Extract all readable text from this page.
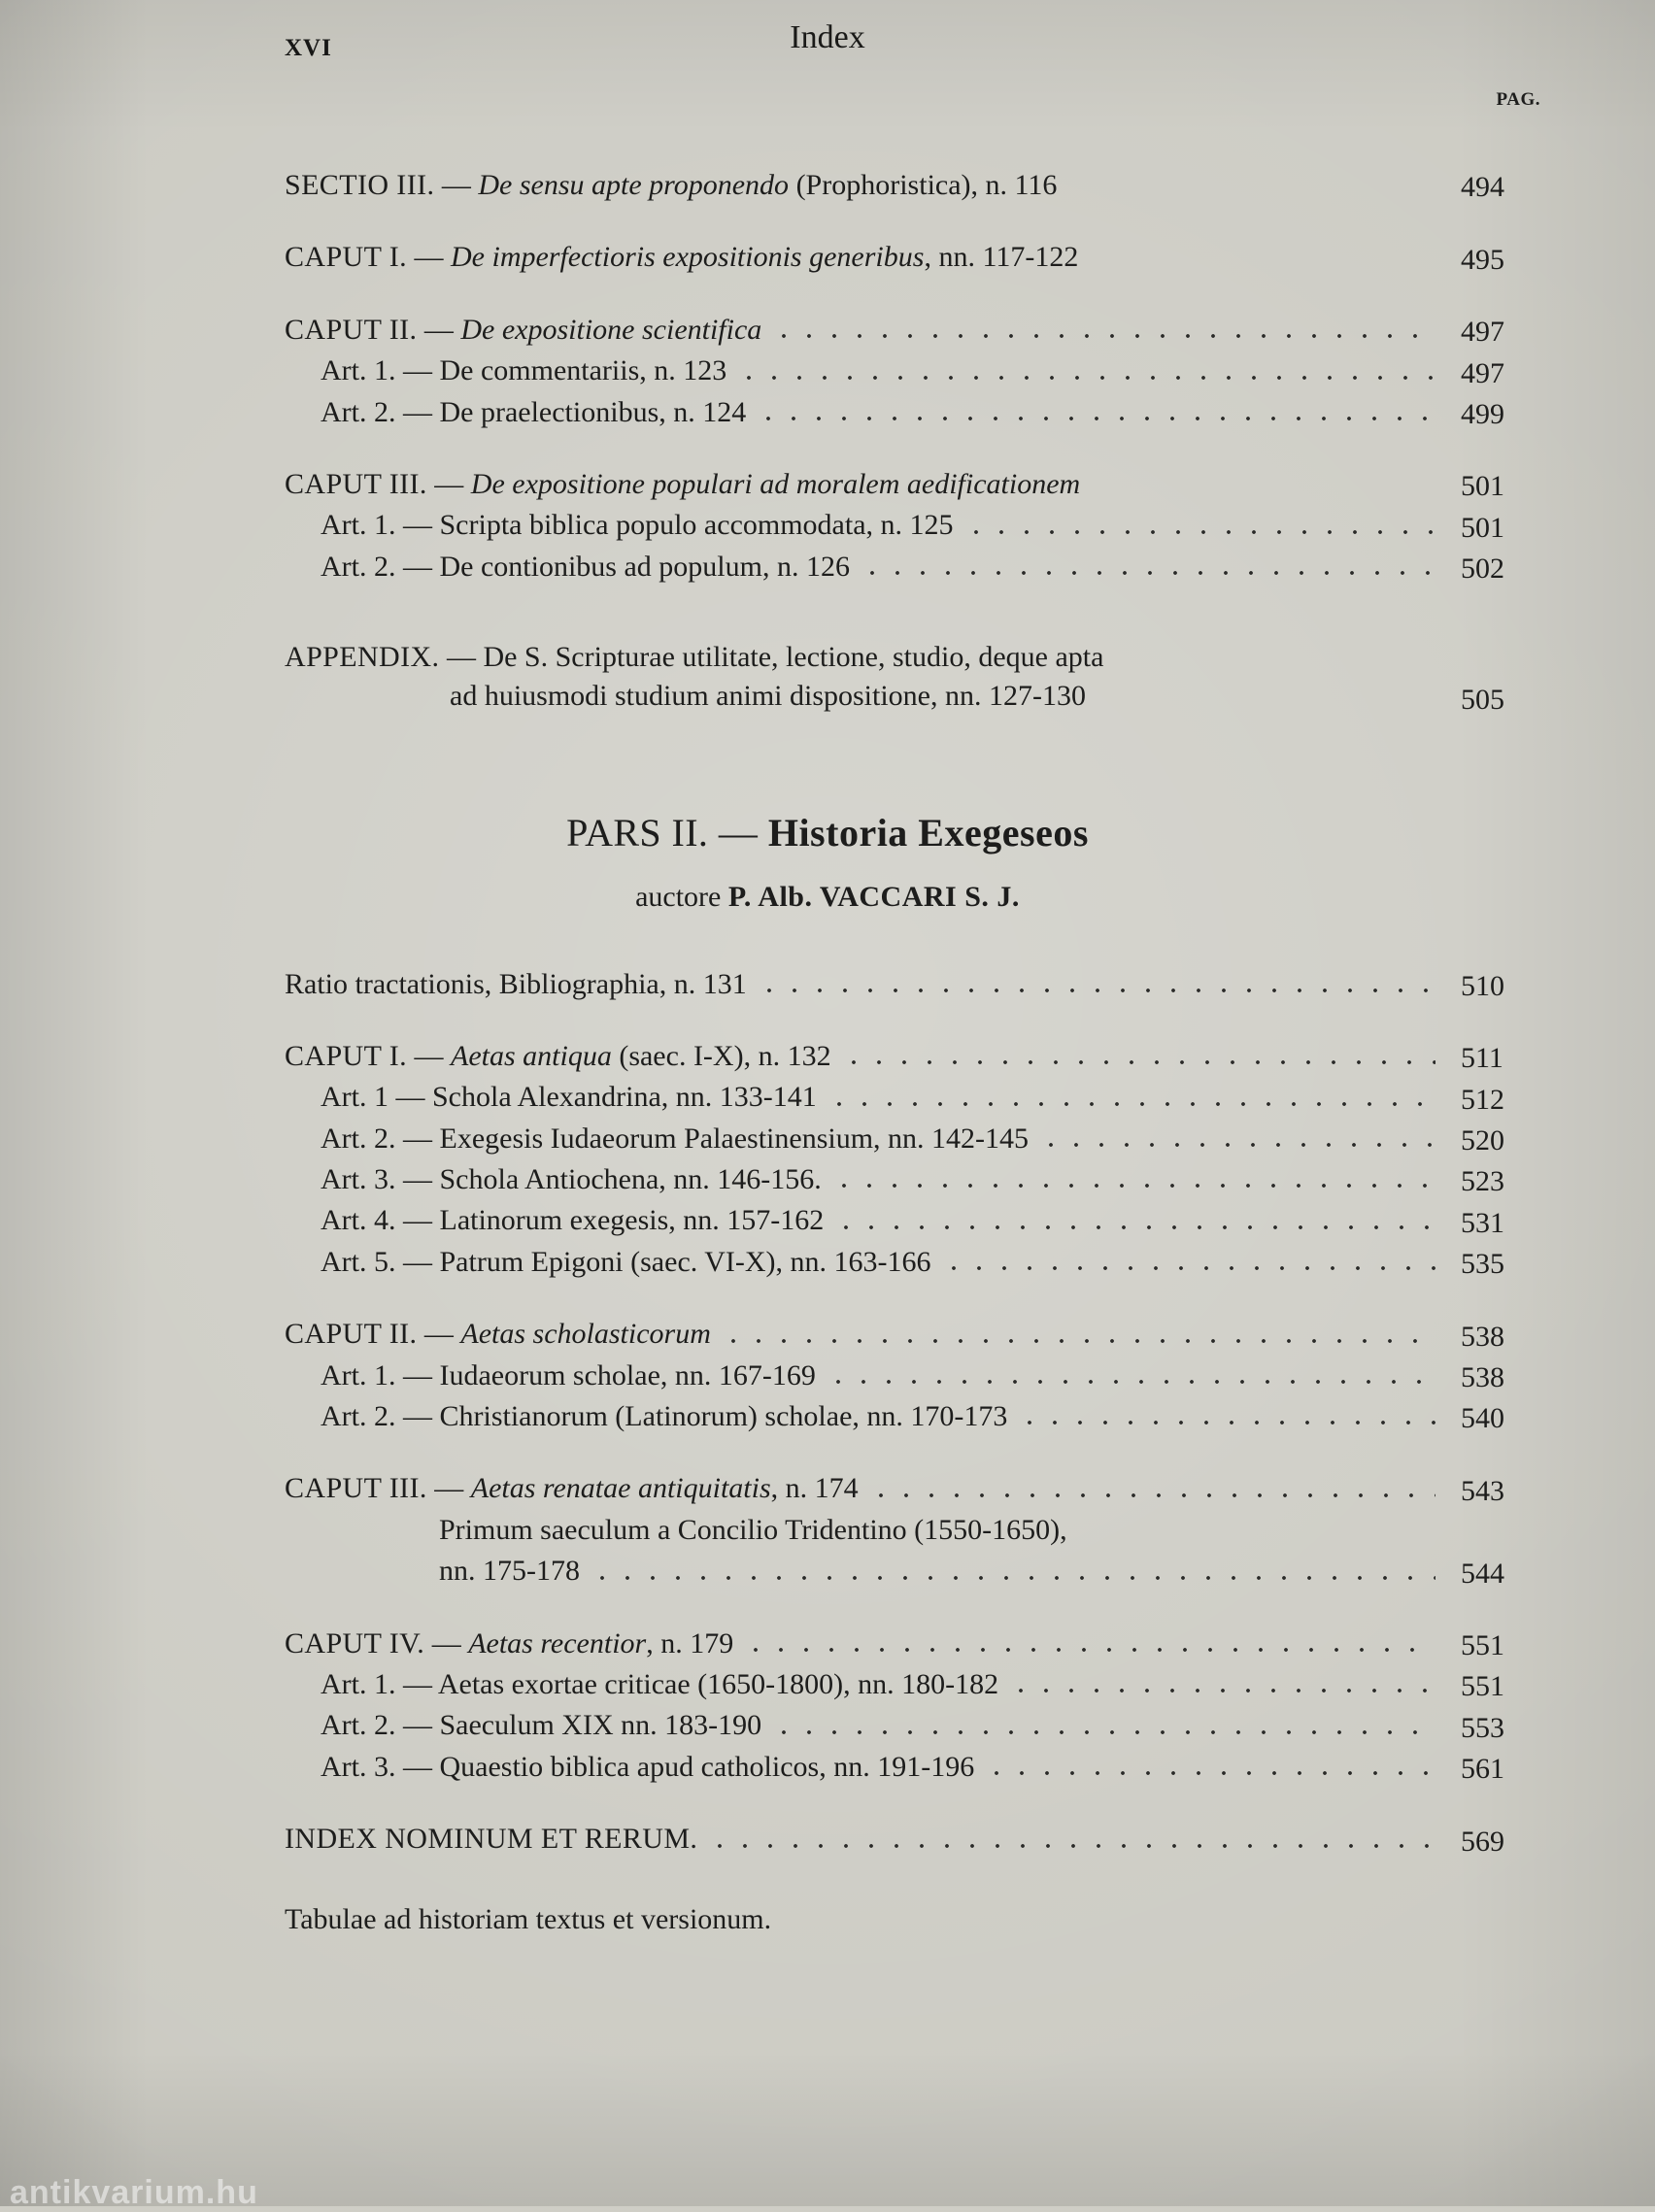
XVI	Index
PAG.
SECTIO III. — De sensu apte proponendo (Prophoristica), n. 116	494
CAPUT I. — De imperfectioris expositionis generibus, nn. 117-122	495
CAPUT II. — De expositione scientifica	497
Art. 1. — De commentariis, n. 123	497
Art. 2. — De praelectionibus, n. 124	499
CAPUT III. — De expositione populari ad moralem aedificationem	501
Art. 1. — Scripta biblica populo accommodata, n. 125	501
Art. 2. — De contionibus ad populum, n. 126	502
APPENDIX. — De S. Scripturae utilitate, lectione, studio, deque apta
ad huiusmodi studium animi dispositione, nn. 127-130	505
PARS II. — Historia Exegeseos
auctore P. Alb. VACCARI S. J.
Ratio tractationis, Bibliographia, n. 131	510
CAPUT I. — Aetas antiqua (saec. I-X), n. 132	511
Art. 1 — Schola Alexandrina, nn. 133-141	512
Art. 2. — Exegesis Iudaeorum Palaestinensium, nn. 142-145	520
Art. 3. — Schola Antiochena, nn. 146-156.	523
Art. 4. — Latinorum exegesis, nn. 157-162	531
Art. 5. — Patrum Epigoni (saec. VI-X), nn. 163-166	535
CAPUT II. — Aetas scholasticorum	538
Art. 1. — Iudaeorum scholae, nn. 167-169	538
Art. 2. — Christianorum (Latinorum) scholae, nn. 170-173	540
CAPUT III. — Aetas renatae antiquitatis, n. 174	543
Primum saeculum a Concilio Tridentino (1550-1650),
nn. 175-178	544
CAPUT IV. — Aetas recentior, n. 179	551
Art. 1. — Aetas exortae criticae (1650-1800), nn. 180-182	551
Art. 2. — Saeculum XIX nn. 183-190	553
Art. 3. — Quaestio biblica apud catholicos, nn. 191-196	561
INDEX NOMINUM ET RERUM.	569
Tabulae ad historiam textus et versionum.
antikvarium.hu
